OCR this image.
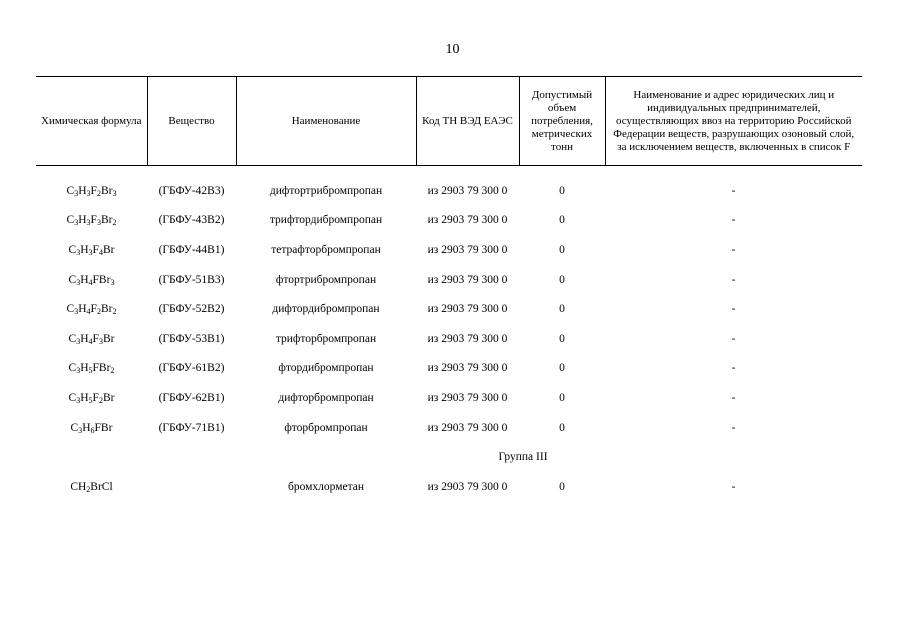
10
Химическая формула	Вещество	Наименование	Код ТН ВЭД ЕАЭС	Допустимый объем потребления, метрических тонн	Наименование и адрес юридических лиц и индивидуальных предпринимателей, осуществляющих ввоз на территорию Российской Федерации веществ, разрушающих озоновый слой, за исключением веществ, включенных в список F
$C_3H_3F_2Br_3$	(ГБФУ-42В3)	дифтортрибромпропан	из 2903 79 300 0	0	-
$C_3H_3F_3Br_2$	(ГБФУ-43В2)	трифтордибромпропан	из 2903 79 300 0	0	-
$C_3H_3F_4Br$	(ГБФУ-44В1)	тетрафторбромпропан	из 2903 79 300 0	0	-
$C_3H_4FBr_3$	(ГБФУ-51В3)	фтортрибромпропан	из 2903 79 300 0	0	-
$C_3H_4F_2Br_2$	(ГБФУ-52В2)	дифтордибромпропан	из 2903 79 300 0	0	-
$C_3H_4F_3Br$	(ГБФУ-53В1)	трифторбромпропан	из 2903 79 300 0	0	-
$C_3H_5FBr_2$	(ГБФУ-61В2)	фтордибромпропан	из 2903 79 300 0	0	-
$C_3H_5F_2Br$	(ГБФУ-62В1)	дифторбромпропан	из 2903 79 300 0	0	-
$C_3H_6FBr$	(ГБФУ-71В1)	фторбромпропан	из 2903 79 300 0	0	-
Группа III					
$CH_2BrCl$		бромхлорметан	из 2903 79 300 0	0	-
